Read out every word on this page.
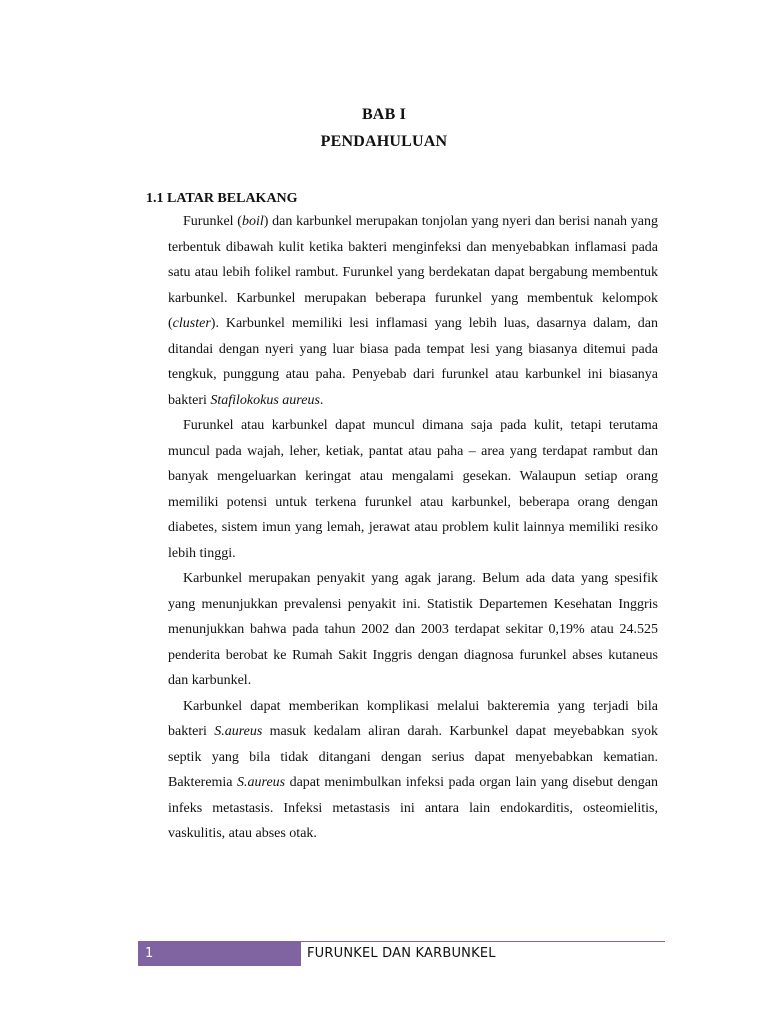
BAB I
PENDAHULUAN
1.1 LATAR BELAKANG

Furunkel (boil) dan karbunkel merupakan tonjolan yang nyeri dan berisi nanah yang terbentuk dibawah kulit ketika bakteri menginfeksi dan menyebabkan inflamasi pada satu atau lebih folikel rambut. Furunkel yang berdekatan dapat bergabung membentuk karbunkel. Karbunkel merupakan beberapa furunkel yang membentuk kelompok (cluster). Karbunkel memiliki lesi inflamasi yang lebih luas, dasarnya dalam, dan ditandai dengan nyeri yang luar biasa pada tempat lesi yang biasanya ditemui pada tengkuk, punggung atau paha. Penyebab dari furunkel atau karbunkel ini biasanya bakteri Stafilokokus aureus.

Furunkel atau karbunkel dapat muncul dimana saja pada kulit, tetapi terutama muncul pada wajah, leher, ketiak, pantat atau paha – area yang terdapat rambut dan banyak mengeluarkan keringat atau mengalami gesekan. Walaupun setiap orang memiliki potensi untuk terkena furunkel atau karbunkel, beberapa orang dengan diabetes, sistem imun yang lemah, jerawat atau problem kulit lainnya memiliki resiko lebih tinggi.

Karbunkel merupakan penyakit yang agak jarang. Belum ada data yang spesifik yang menunjukkan prevalensi penyakit ini. Statistik Departemen Kesehatan Inggris menunjukkan bahwa pada tahun 2002 dan 2003 terdapat sekitar 0,19% atau 24.525 penderita berobat ke Rumah Sakit Inggris dengan diagnosa furunkel abses kutaneus dan karbunkel.

Karbunkel dapat memberikan komplikasi melalui bakteremia yang terjadi bila bakteri S.aureus masuk kedalam aliran darah. Karbunkel dapat meyebabkan syok septik yang bila tidak ditangani dengan serius dapat menyebabkan kematian. Bakteremia S.aureus dapat menimbulkan infeksi pada organ lain yang disebut dengan infeks metastasis. Infeksi metastasis ini antara lain endokarditis, osteomielitis, vaskulitis, atau abses otak.

1	FURUNKEL DAN KARBUNKEL
